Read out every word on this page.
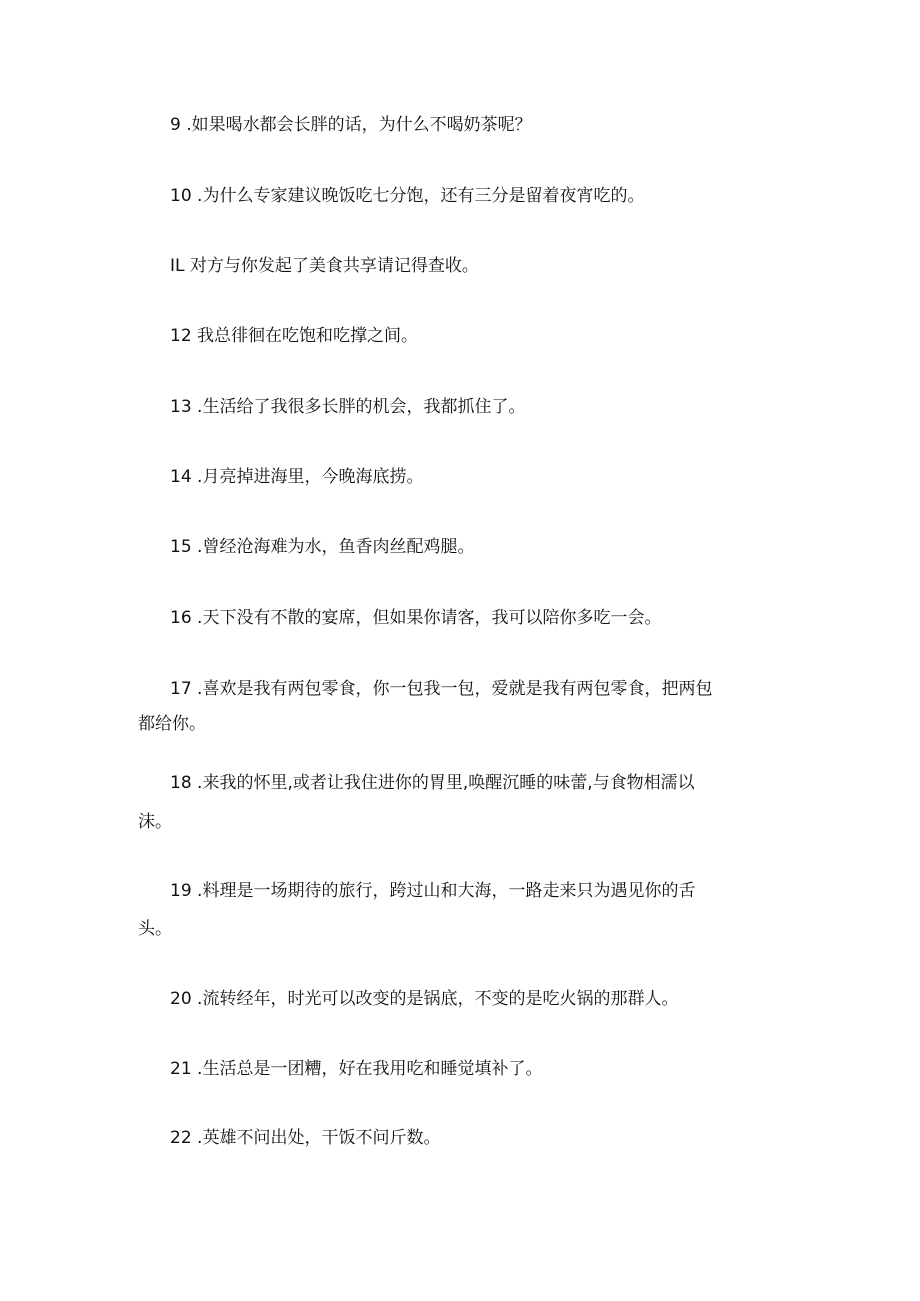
9 .如果喝水都会长胖的话，为什么不喝奶茶呢？
10 .为什么专家建议晚饭吃七分饱，还有三分是留着夜宵吃的。
IL 对方与你发起了美食共享请记得查收。
12 我总徘徊在吃饱和吃撑之间。
13 .生活给了我很多长胖的机会，我都抓住了。
14 .月亮掉进海里，今晚海底捞。
15 .曾经沧海难为水，鱼香肉丝配鸡腿。
16 .天下没有不散的宴席，但如果你请客，我可以陪你多吃一会。
17 .喜欢是我有两包零食，你一包我一包，爱就是我有两包零食，把两包
都给你。
18 .来我的怀里,或者让我住进你的胃里,唤醒沉睡的味蕾,与食物相濡以
沫。
19 .料理是一场期待的旅行，跨过山和大海，一路走来只为遇见你的舌
头。
20 .流转经年，时光可以改变的是锅底，不变的是吃火锅的那群人。
21 .生活总是一团糟，好在我用吃和睡觉填补了。
22 .英雄不问出处，干饭不问斤数。
